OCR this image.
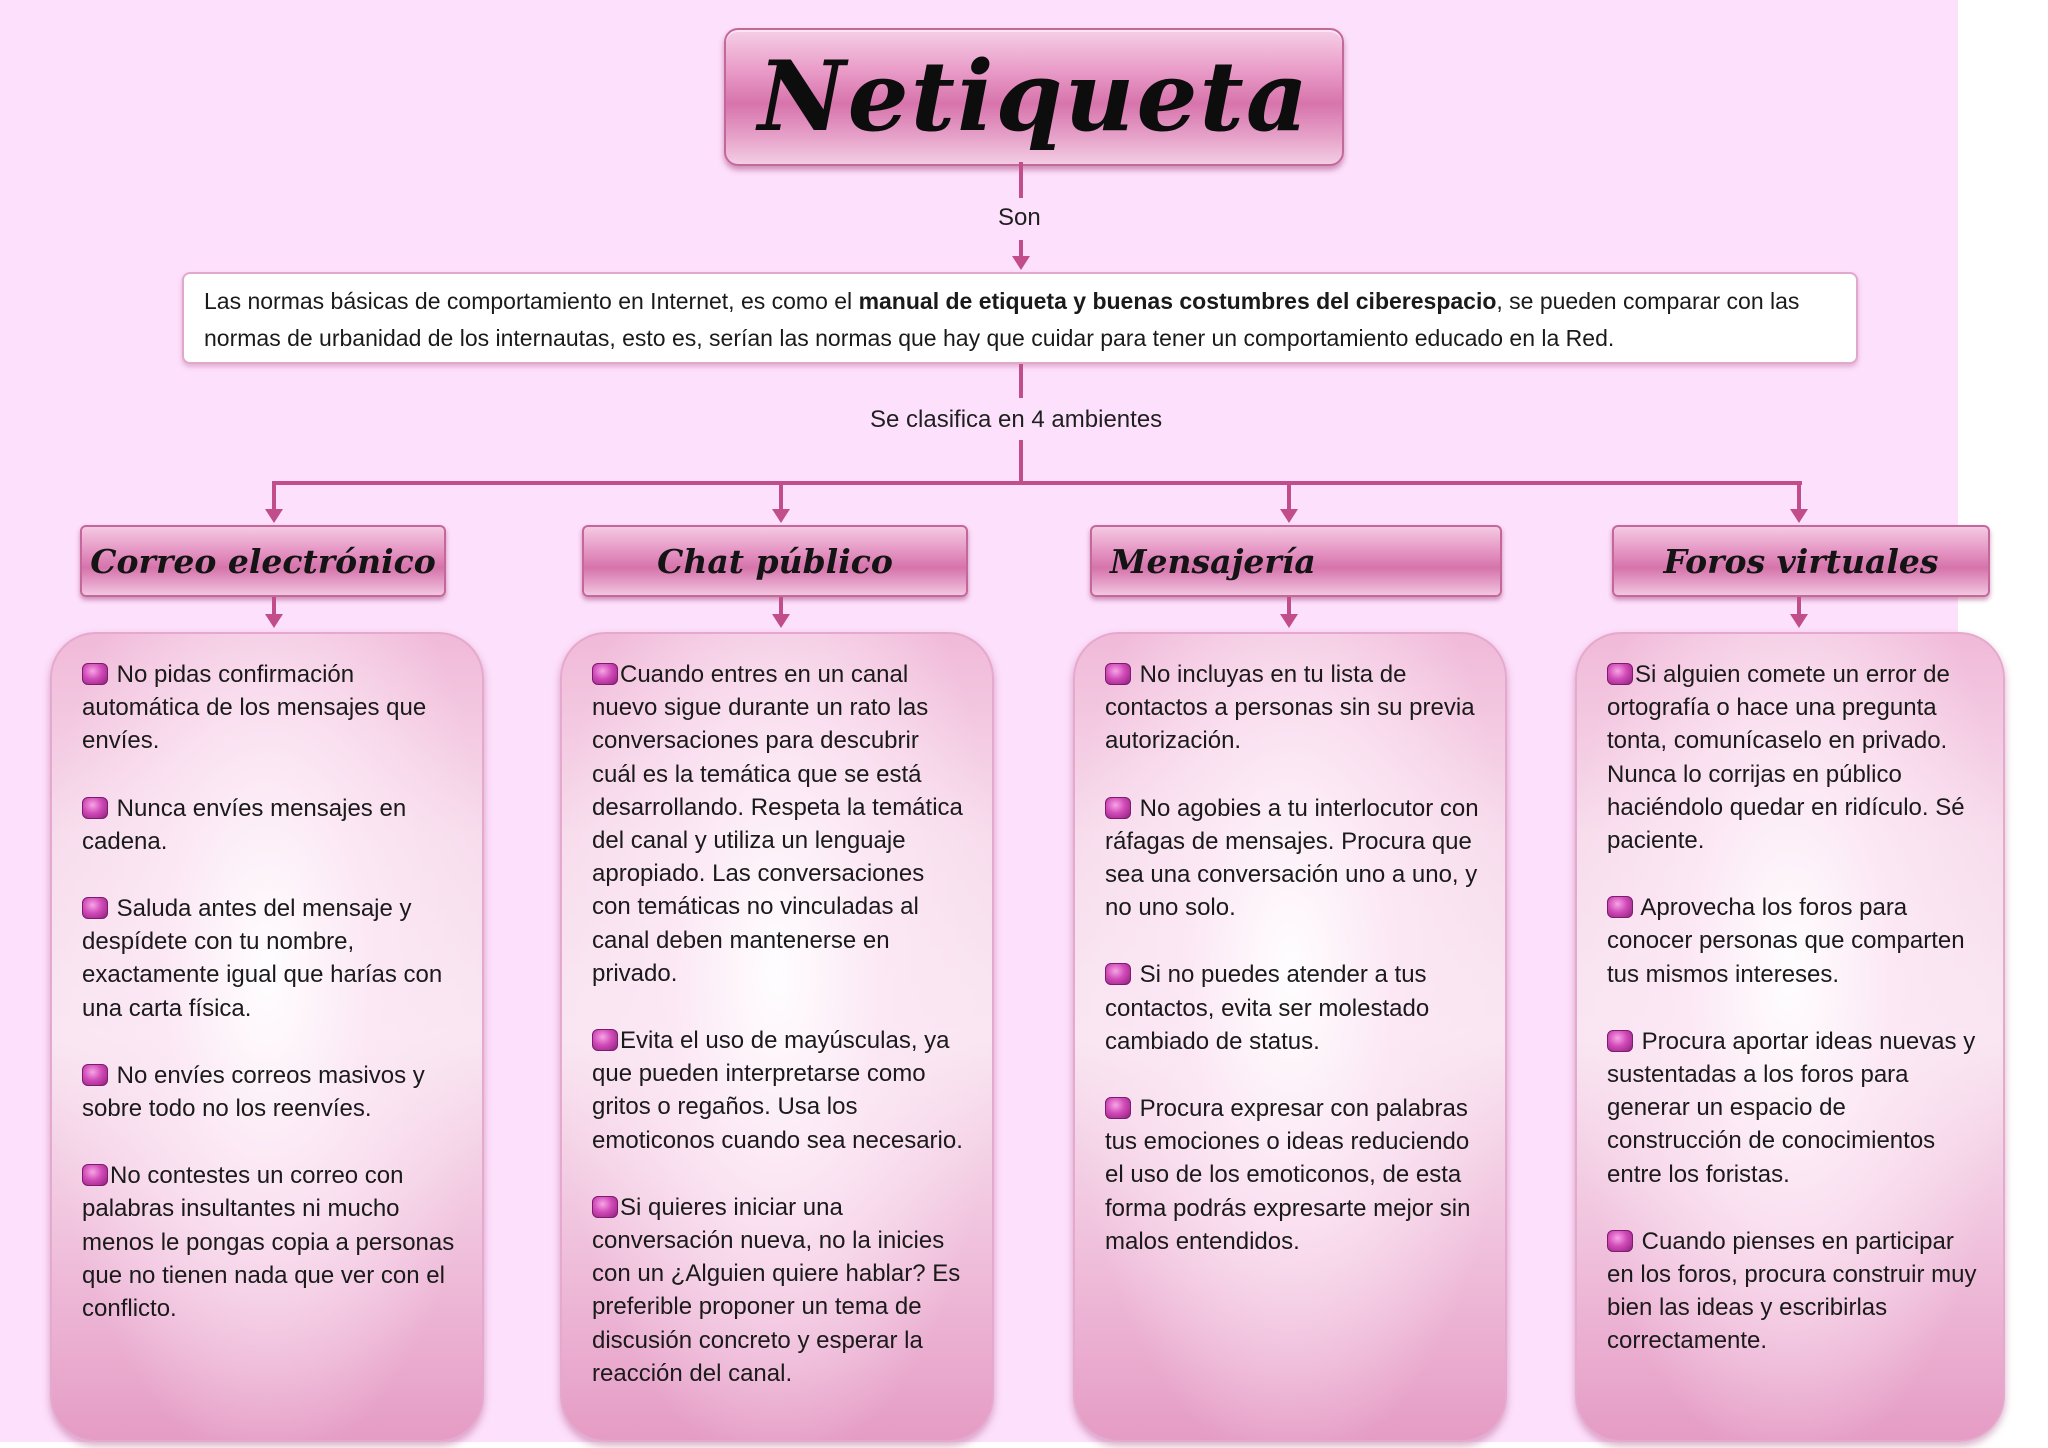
Netiqueta
Son
Las normas básicas de comportamiento en Internet, es como el manual de etiqueta y buenas costumbres del ciberespacio, se pueden comparar con las normas de urbanidad de los internautas, esto es, serían las normas que hay que cuidar para tener un comportamiento educado en la Red.
Se clasifica en 4 ambientes
Correo electrónico	Chat público	Mensajería	Foros virtuales

No pidas confirmación automática de los mensajes que envíes.

Nunca envíes mensajes en cadena.

Saluda antes del mensaje y despídete con tu nombre, exactamente igual que harías con una carta física.

No envíes correos masivos y sobre todo no los reenvíes.

No contestes un correo con palabras insultantes ni mucho menos le pongas copia a personas que no tienen nada que ver con el conflicto.

Cuando entres en un canal nuevo sigue durante un rato las conversaciones para descubrir cuál es la temática que se está desarrollando. Respeta la temática del canal y utiliza un lenguaje apropiado. Las conversaciones con temáticas no vinculadas al canal deben mantenerse en privado.

Evita el uso de mayúsculas, ya que pueden interpretarse como gritos o regaños. Usa los emoticonos cuando sea necesario.

Si quieres iniciar una conversación nueva, no la inicies con un ¿Alguien quiere hablar? Es preferible proponer un tema de discusión concreto y esperar la reacción del canal.

No incluyas en tu lista de contactos a personas sin su previa autorización.

No agobies a tu interlocutor con ráfagas de mensajes. Procura que sea una conversación uno a uno, y no uno solo.

Si no puedes atender a tus contactos, evita ser molestado cambiado de status.

Procura expresar con palabras tus emociones o ideas reduciendo el uso de los emoticonos, de esta forma podrás expresarte mejor sin malos entendidos.

Si alguien comete un error de ortografía o hace una pregunta tonta, comunícaselo en privado. Nunca lo corrijas en público haciéndolo quedar en ridículo. Sé paciente.

Aprovecha los foros para conocer personas que comparten tus mismos intereses.

Procura aportar ideas nuevas y sustentadas a los foros para generar un espacio de construcción de conocimientos entre los foristas.

Cuando pienses en participar en los foros, procura construir muy bien las ideas y escribirlas correctamente.
